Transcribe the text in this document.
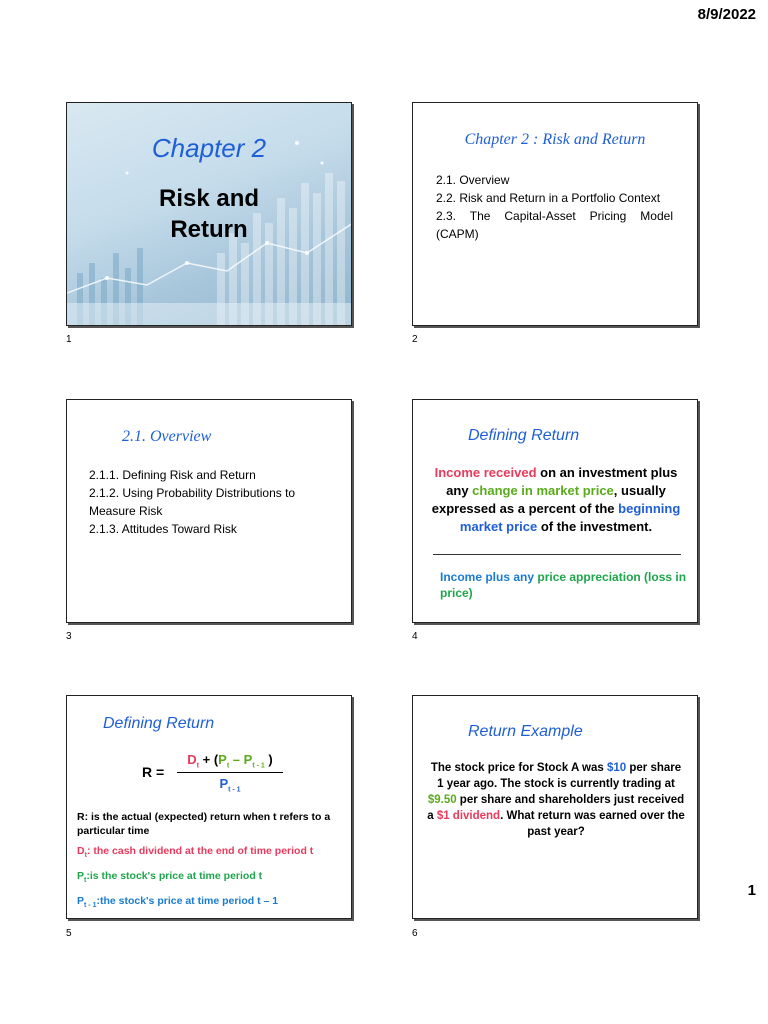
8/9/2022
Chapter 2
Risk and
Return
1
Chapter 2 : Risk and Return
2.1. Overview
2.2. Risk and Return in a Portfolio Context
2.3. The Capital-Asset Pricing Model (CAPM)
2
2.1. Overview
2.1.1. Defining Risk and Return
2.1.2. Using Probability Distributions to Measure Risk
2.1.3. Attitudes Toward Risk
3
Defining Return
Income received on an investment plus any change in market price, usually expressed as a percent of the beginning market price of the investment.
Income plus any price appreciation (loss in price)
4
Defining Return
R =
$D_t + (P_t - P_{t - 1}$ )
$P_{t - 1}$
R: is the actual (expected) return when t refers to a particular time
$D_t$: the cash dividend at the end of time period t
$P_t:is$ the stock's price at time period t
$P_{t - 1}:the$ stock's price at time period t – 1
5
Return Example
The stock price for Stock A was $10 per share 1 year ago. The stock is currently trading at $9.50 per share and shareholders just received a $1 dividend. What return was earned over the past year?
6
1
